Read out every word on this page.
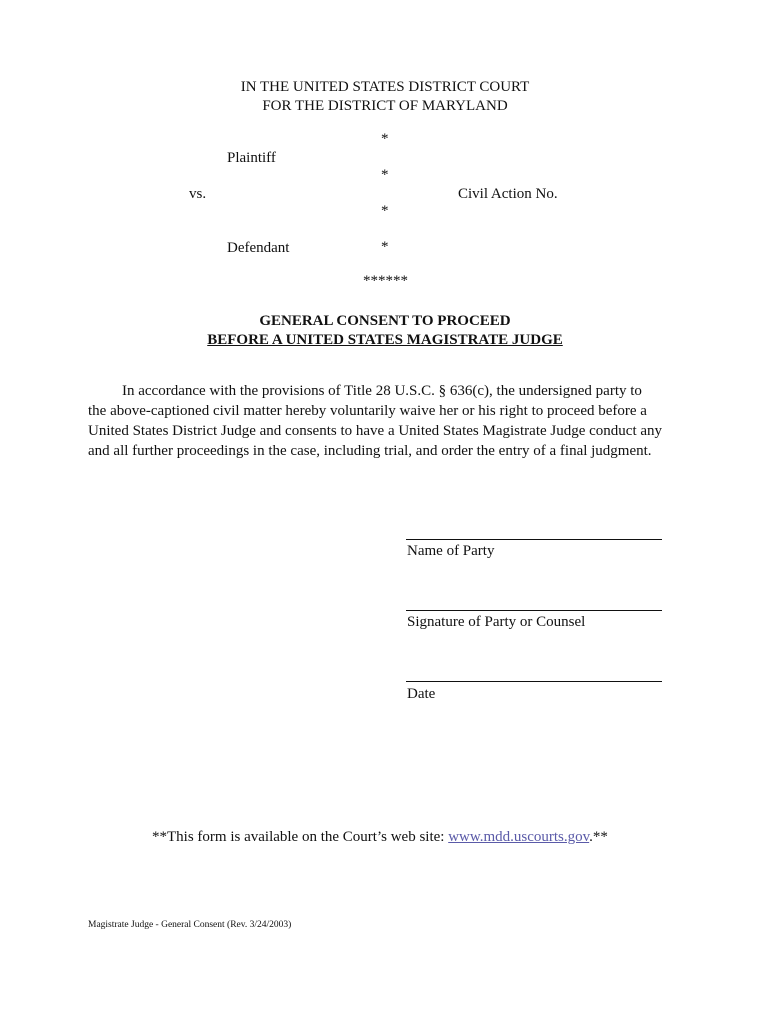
IN THE UNITED STATES DISTRICT COURT
FOR THE DISTRICT OF MARYLAND
*
Plaintiff
*
vs.	Civil Action No.
*
Defendant	*
******
GENERAL CONSENT TO PROCEED
BEFORE A UNITED STATES MAGISTRATE JUDGE
In accordance with the provisions of Title 28 U.S.C. § 636(c), the undersigned party to
the above-captioned civil matter hereby voluntarily waive her or his right to proceed before a
United States District Judge and consents to have a United States Magistrate Judge conduct any
and all further proceedings in the case, including trial, and order the entry of a final judgment.
Name of Party
Signature of Party or Counsel
Date
**This form is available on the Court’s web site: www.mdd.uscourts.gov.**
Magistrate Judge - General Consent (Rev. 3/24/2003)
